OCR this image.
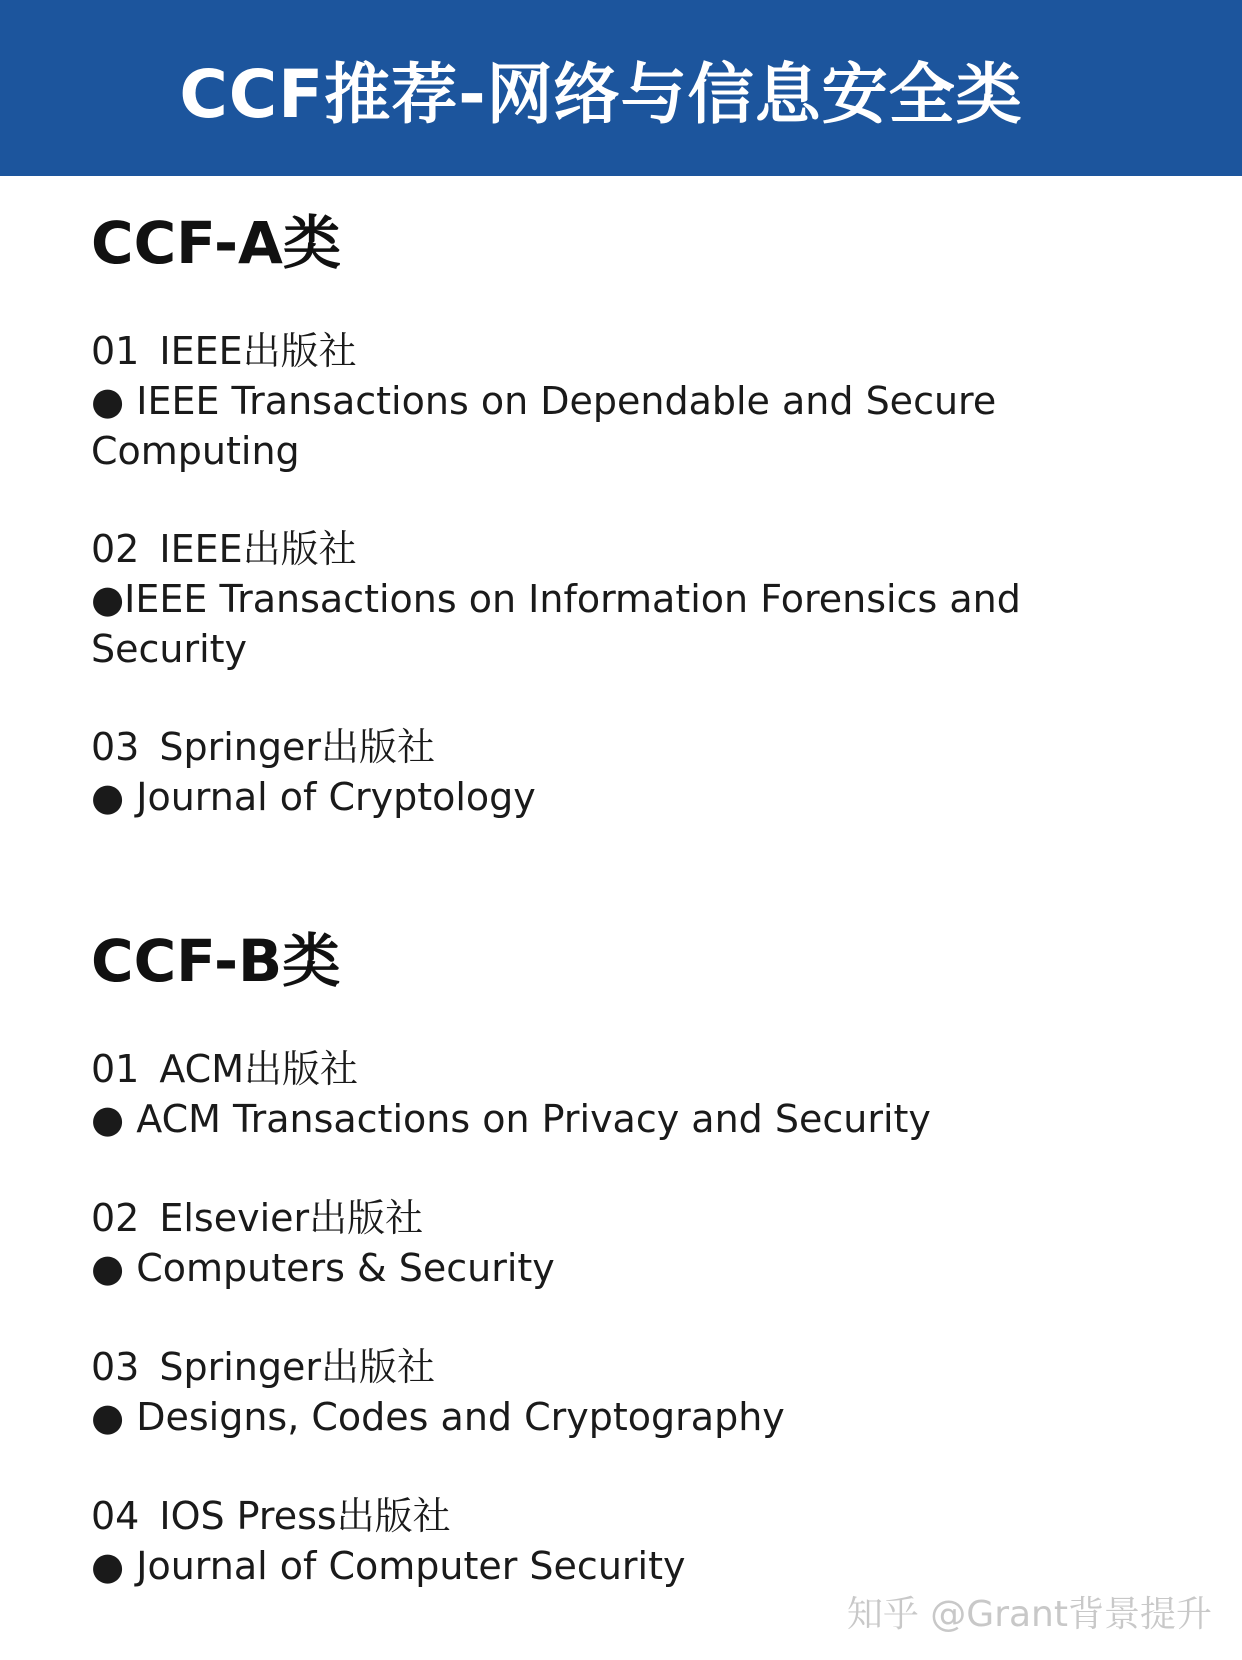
CCF推荐-网络与信息安全类
CCF-A类
01 IEEE出版社
● IEEE Transactions on Dependable and Secure Computing
02 IEEE出版社
●IEEE Transactions on Information Forensics and Security
03 Springer出版社
● Journal of Cryptology
CCF-B类
01 ACM出版社
● ACM Transactions on Privacy and Security
02 Elsevier出版社
● Computers & Security
03 Springer出版社
● Designs, Codes and Cryptography
04 IOS Press出版社
● Journal of Computer Security
知乎 @Grant背景提升
